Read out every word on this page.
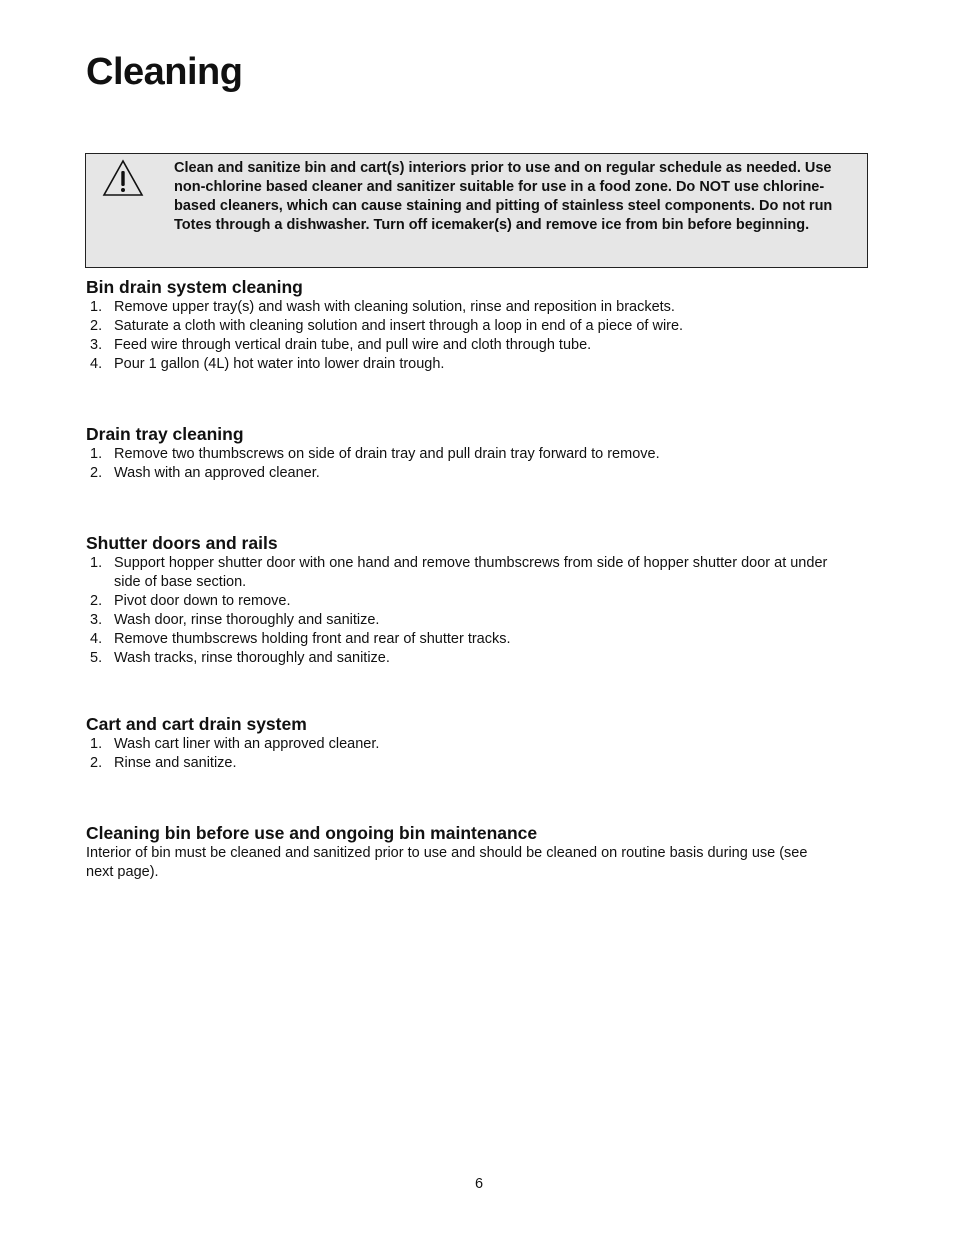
Cleaning

Clean and sanitize bin and cart(s) interiors prior to use and on regular schedule as needed. Use non-chlorine based cleaner and sanitizer suitable for use in a food zone. Do NOT use chlorine-based cleaners, which can cause staining and pitting of stainless steel components. Do not run Totes through a dishwasher. Turn off icemaker(s) and remove ice from bin before beginning.

Bin drain system cleaning
1. Remove upper tray(s) and wash with cleaning solution, rinse and reposition in brackets.
2. Saturate a cloth with cleaning solution and insert through a loop in end of a piece of wire.
3. Feed wire through vertical drain tube, and pull wire and cloth through tube.
4. Pour 1 gallon (4L) hot water into lower drain trough.
Drain tray cleaning
1. Remove two thumbscrews on side of drain tray and pull drain tray forward to remove.
2. Wash with an approved cleaner.
Shutter doors and rails
1. Support hopper shutter door with one hand and remove thumbscrews from side of hopper shutter door at under side of base section.
2. Pivot door down to remove.
3. Wash door, rinse thoroughly and sanitize.
4. Remove thumbscrews holding front and rear of shutter tracks.
5. Wash tracks, rinse thoroughly and sanitize.
Cart and cart drain system
1. Wash cart liner with an approved cleaner.
2. Rinse and sanitize.
Cleaning bin before use and ongoing bin maintenance

Interior of bin must be cleaned and sanitized prior to use and should be cleaned on routine basis during use (see next page).

6
